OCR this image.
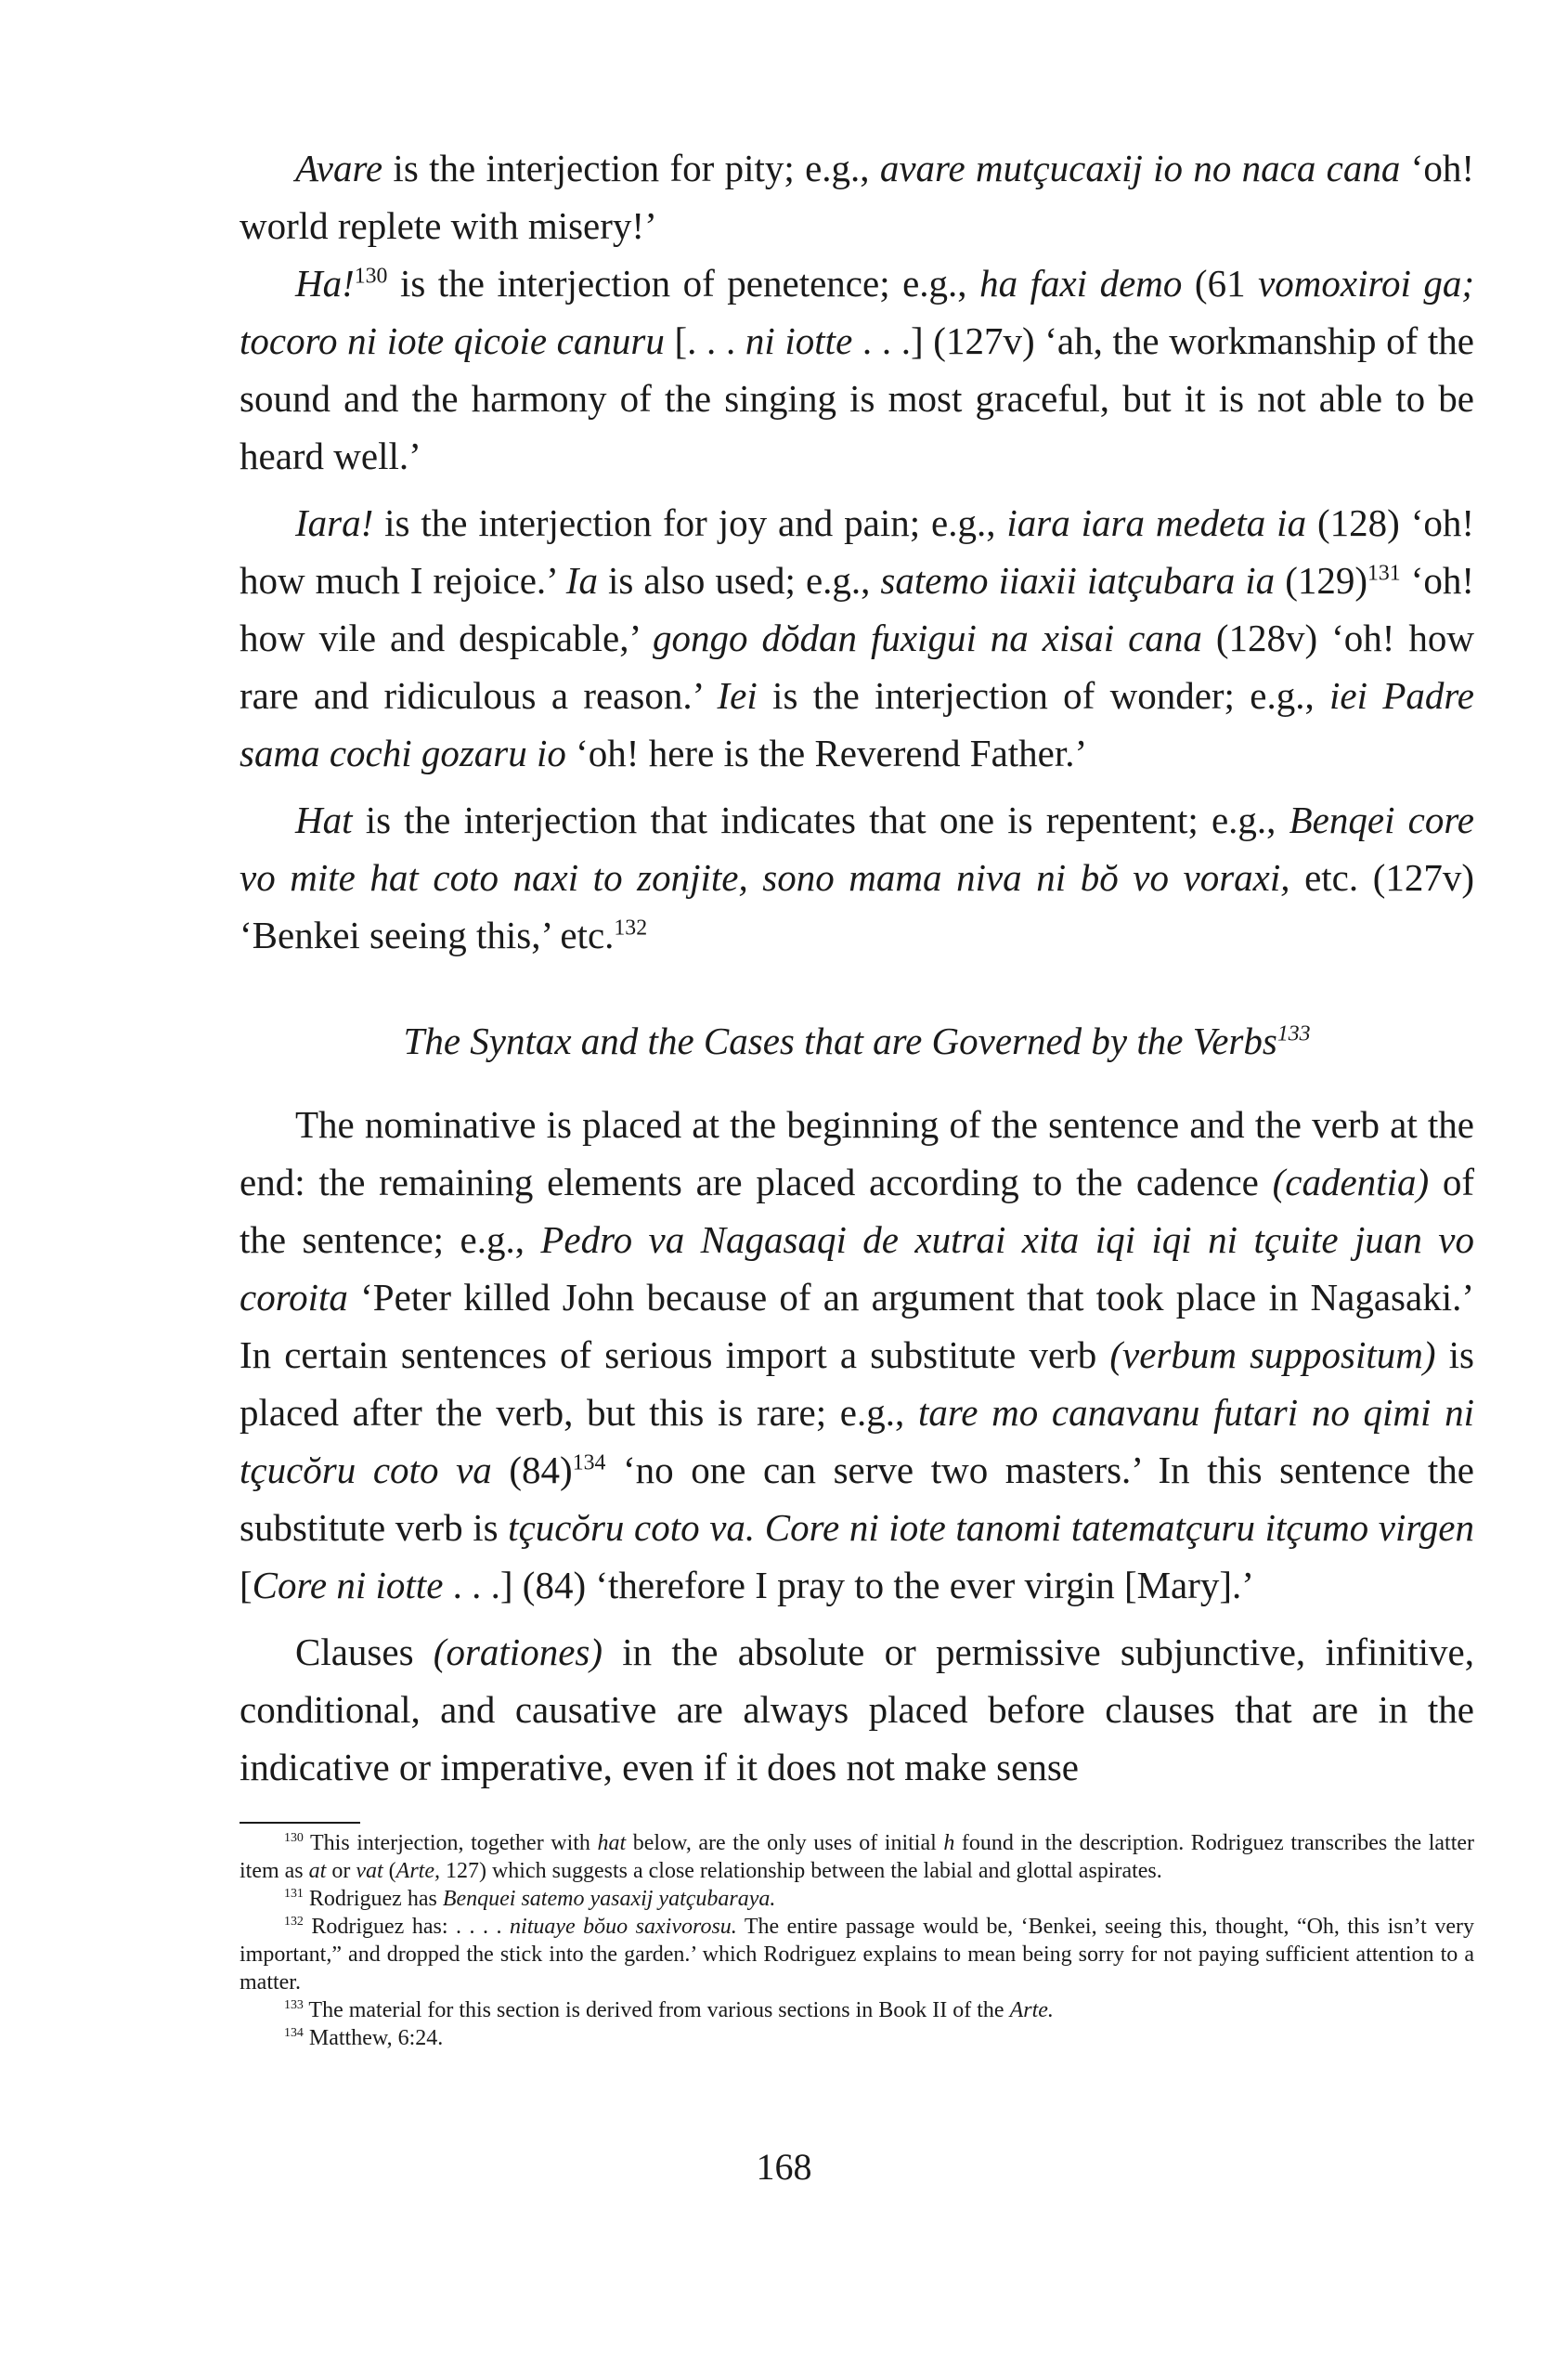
Avare is the interjection for pity; e.g., avare mutçucaxij io no naca cana ‘oh! world replete with misery!’

Ha!$^{130}$ is the interjection of penetence; e.g., ha faxi demo (61 vomoxiroi ga; tocoro ni iote qicoie canuru [. . . ni iotte . . .] (127v) ‘ah, the workmanship of the sound and the harmony of the singing is most graceful, but it is not able to be heard well.’

Iara! is the interjection for joy and pain; e.g., iara iara medeta ia (128) ‘oh! how much I rejoice.’ Ia is also used; e.g., satemo iiaxii iatçubara ia $(129)^{131}$ ‘oh! how vile and despicable,’ gongo dŏdan fuxigui na xisai cana (128v) ‘oh! how rare and ridiculous a reason.’ Iei is the interjection of wonder; e.g., iei Padre sama cochi gozaru io ‘oh! here is the Reverend Father.’

Hat is the interjection that indicates that one is repentent; e.g., Benqei core vo mite hat coto naxi to zonjite, sono mama niva ni bŏ vo voraxi, etc. (127v) ‘Benkei seeing this,’ etc.$^{132}$

The Syntax and the Cases that are Governed by the Verbs$^{133}$

The nominative is placed at the beginning of the sentence and the verb at the end: the remaining elements are placed according to the cadence (cadentia) of the sentence; e.g., Pedro va Nagasaqi de xutrai xita iqi iqi ni tçuite juan vo coroita ‘Peter killed John because of an argument that took place in Nagasaki.’ In certain sentences of serious import a substitute verb (verbum suppositum) is placed after the verb, but this is rare; e.g., tare mo canavanu futari no qimi ni tçucŏru coto va $(84)^{134}$ ‘no one can serve two masters.’ In this sentence the substitute verb is tçucŏru coto va. Core ni iote tanomi tatematçuru itçumo virgen [Core ni iotte . . .] (84) ‘therefore I pray to the ever virgin [Mary].’

Clauses (orationes) in the absolute or permissive subjunctive, infinitive, conditional, and causative are always placed before clauses that are in the indicative or imperative, even if it does not make sense

$^{130}$ This interjection, together with hat below, are the only uses of initial h found in the description. Rodriguez transcribes the latter item as at or vat (Arte, 127) which suggests a close relationship between the labial and glottal aspirates.

$^{131}$ Rodriguez has Benquei satemo yasaxij yatçubaraya.

$^{132}$ Rodriguez has: . . . . nituaye bŏuo saxivorosu. The entire passage would be, ‘Benkei, seeing this, thought, “Oh, this isn’t very important,” and dropped the stick into the garden.’ which Rodriguez explains to mean being sorry for not paying sufficient attention to a matter.

$^{133}$ The material for this section is derived from various sections in Book II of the Arte.

$^{134}$ Matthew, 6:24.

168
